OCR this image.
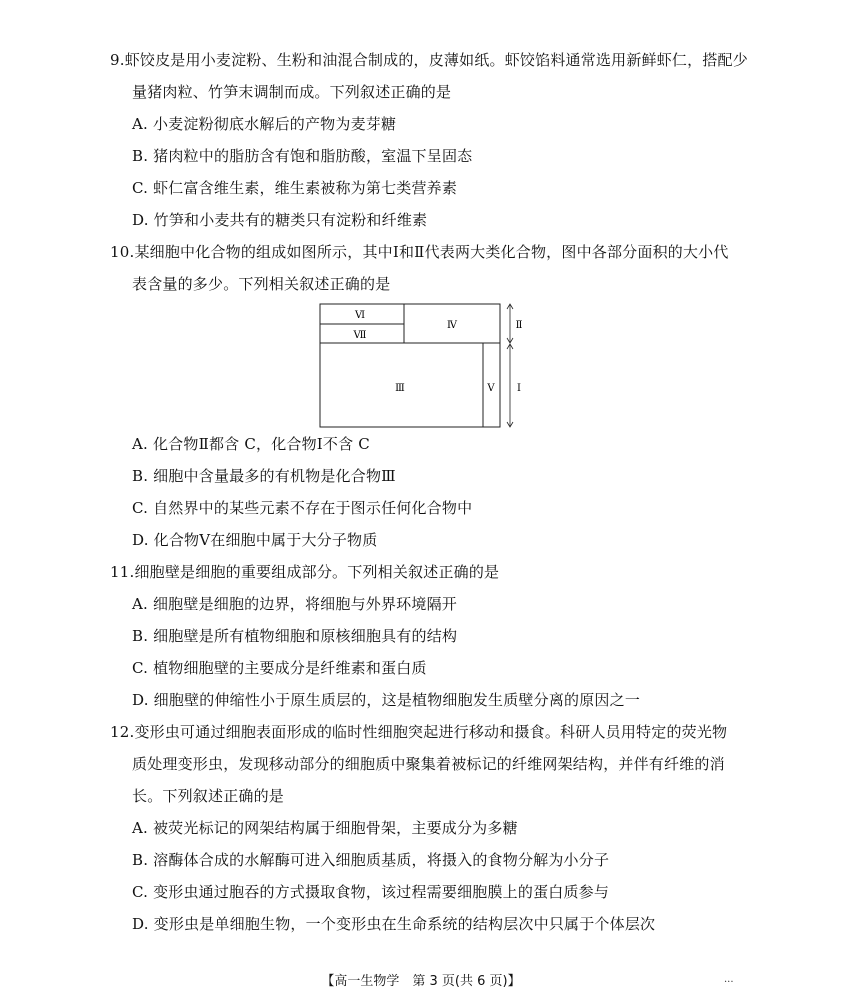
9.虾饺皮是用小麦淀粉、生粉和油混合制成的，皮薄如纸。虾饺馅料通常选用新鲜虾仁，搭配少
量猪肉粒、竹笋末调制而成。下列叙述正确的是
A. 小麦淀粉彻底水解后的产物为麦芽糖
B. 猪肉粒中的脂肪含有饱和脂肪酸，室温下呈固态
C. 虾仁富含维生素，维生素被称为第七类营养素
D. 竹笋和小麦共有的糖类只有淀粉和纤维素
10.某细胞中化合物的组成如图所示，其中Ⅰ和Ⅱ代表两大类化合物，图中各部分面积的大小代
表含量的多少。下列相关叙述正确的是
Ⅵ
Ⅶ
Ⅳ
Ⅲ	Ⅴ
Ⅱ
Ⅰ
A. 化合物Ⅱ都含 C，化合物Ⅰ不含 C
B. 细胞中含量最多的有机物是化合物Ⅲ
C. 自然界中的某些元素不存在于图示任何化合物中
D. 化合物Ⅴ在细胞中属于大分子物质
11.细胞壁是细胞的重要组成部分。下列相关叙述正确的是
A. 细胞壁是细胞的边界，将细胞与外界环境隔开
B. 细胞壁是所有植物细胞和原核细胞具有的结构
C. 植物细胞壁的主要成分是纤维素和蛋白质
D. 细胞壁的伸缩性小于原生质层的，这是植物细胞发生质壁分离的原因之一
12.变形虫可通过细胞表面形成的临时性细胞突起进行移动和摄食。科研人员用特定的荧光物
质处理变形虫，发现移动部分的细胞质中聚集着被标记的纤维网架结构，并伴有纤维的消
长。下列叙述正确的是
A. 被荧光标记的网架结构属于细胞骨架，主要成分为多糖
B. 溶酶体合成的水解酶可进入细胞质基质，将摄入的食物分解为小分子
C. 变形虫通过胞吞的方式摄取食物，该过程需要细胞膜上的蛋白质参与
D. 变形虫是单细胞生物，一个变形虫在生命系统的结构层次中只属于个体层次
【高一生物学　第 3 页(共 6 页)】	...
